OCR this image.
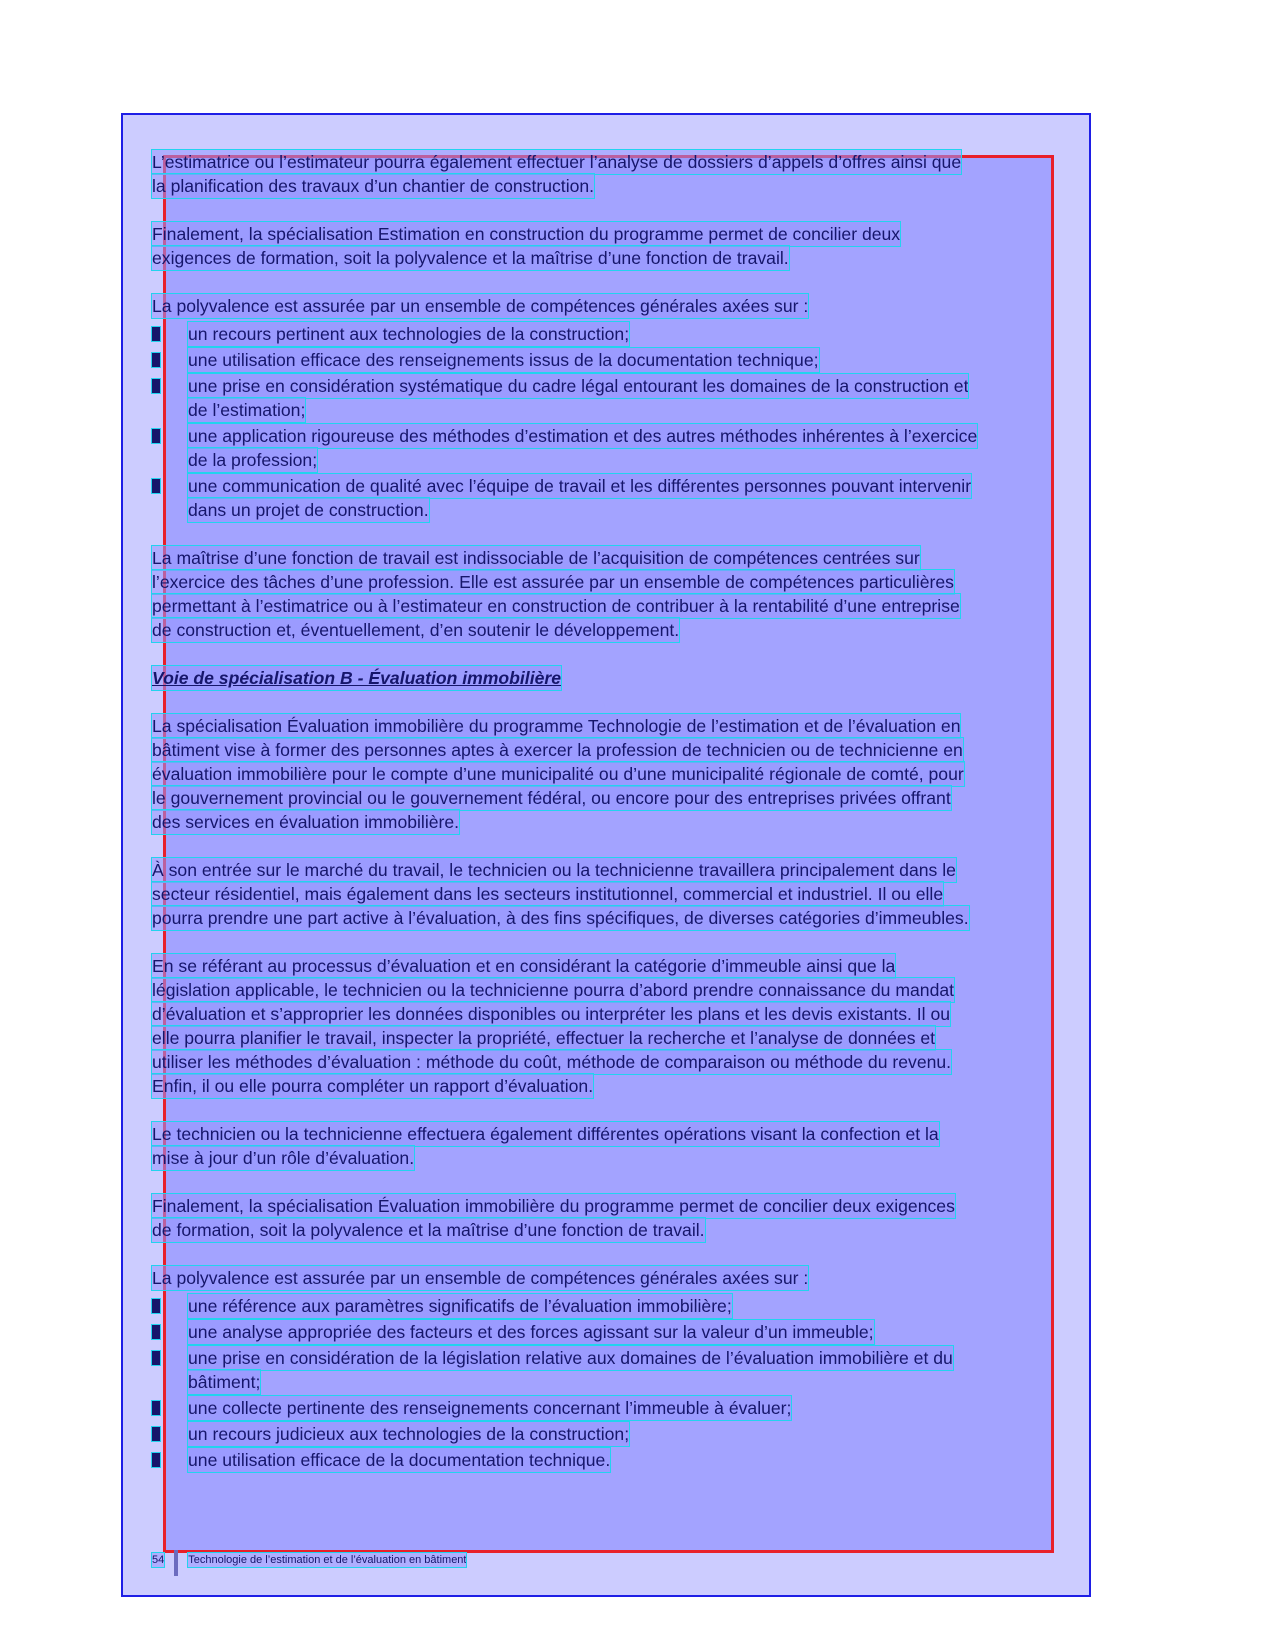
L’estimatrice ou l’estimateur pourra également effectuer l’analyse de dossiers d’appels d’offres ainsi que
la planification des travaux d’un chantier de construction.

Finalement, la spécialisation Estimation en construction du programme permet de concilier deux
exigences de formation, soit la polyvalence et la maîtrise d’une fonction de travail.

La polyvalence est assurée par un ensemble de compétences générales axées sur :

un recours pertinent aux technologies de la construction;
une utilisation efficace des renseignements issus de la documentation technique;
une prise en considération systématique du cadre légal entourant les domaines de la construction et
de l’estimation;
une application rigoureuse des méthodes d’estimation et des autres méthodes inhérentes à l’exercice
de la profession;
une communication de qualité avec l’équipe de travail et les différentes personnes pouvant intervenir
dans un projet de construction.

La maîtrise d’une fonction de travail est indissociable de l’acquisition de compétences centrées sur
l’exercice des tâches d’une profession. Elle est assurée par un ensemble de compétences particulières
permettant à l’estimatrice ou à l’estimateur en construction de contribuer à la rentabilité d’une entreprise
de construction et, éventuellement, d’en soutenir le développement.

Voie de spécialisation B - Évaluation immobilière

La spécialisation Évaluation immobilière du programme Technologie de l’estimation et de l’évaluation en
bâtiment vise à former des personnes aptes à exercer la profession de technicien ou de technicienne en
évaluation immobilière pour le compte d’une municipalité ou d’une municipalité régionale de comté, pour
le gouvernement provincial ou le gouvernement fédéral, ou encore pour des entreprises privées offrant
des services en évaluation immobilière.

À son entrée sur le marché du travail, le technicien ou la technicienne travaillera principalement dans le
secteur résidentiel, mais également dans les secteurs institutionnel, commercial et industriel. Il ou elle
pourra prendre une part active à l’évaluation, à des fins spécifiques, de diverses catégories d’immeubles.

En se référant au processus d’évaluation et en considérant la catégorie d’immeuble ainsi que la
législation applicable, le technicien ou la technicienne pourra d’abord prendre connaissance du mandat
d’évaluation et s’approprier les données disponibles ou interpréter les plans et les devis existants. Il ou
elle pourra planifier le travail, inspecter la propriété, effectuer la recherche et l’analyse de données et
utiliser les méthodes d’évaluation : méthode du coût, méthode de comparaison ou méthode du revenu.
Enfin, il ou elle pourra compléter un rapport d’évaluation.

Le technicien ou la technicienne effectuera également différentes opérations visant la confection et la
mise à jour d’un rôle d’évaluation.

Finalement, la spécialisation Évaluation immobilière du programme permet de concilier deux exigences
de formation, soit la polyvalence et la maîtrise d’une fonction de travail.

La polyvalence est assurée par un ensemble de compétences générales axées sur :

une référence aux paramètres significatifs de l’évaluation immobilière;
une analyse appropriée des facteurs et des forces agissant sur la valeur d’un immeuble;
une prise en considération de la législation relative aux domaines de l’évaluation immobilière et du
bâtiment;
une collecte pertinente des renseignements concernant l’immeuble à évaluer;
un recours judicieux aux technologies de la construction;
une utilisation efficace de la documentation technique.
54 Technologie de l’estimation et de l’évaluation en bâtiment
